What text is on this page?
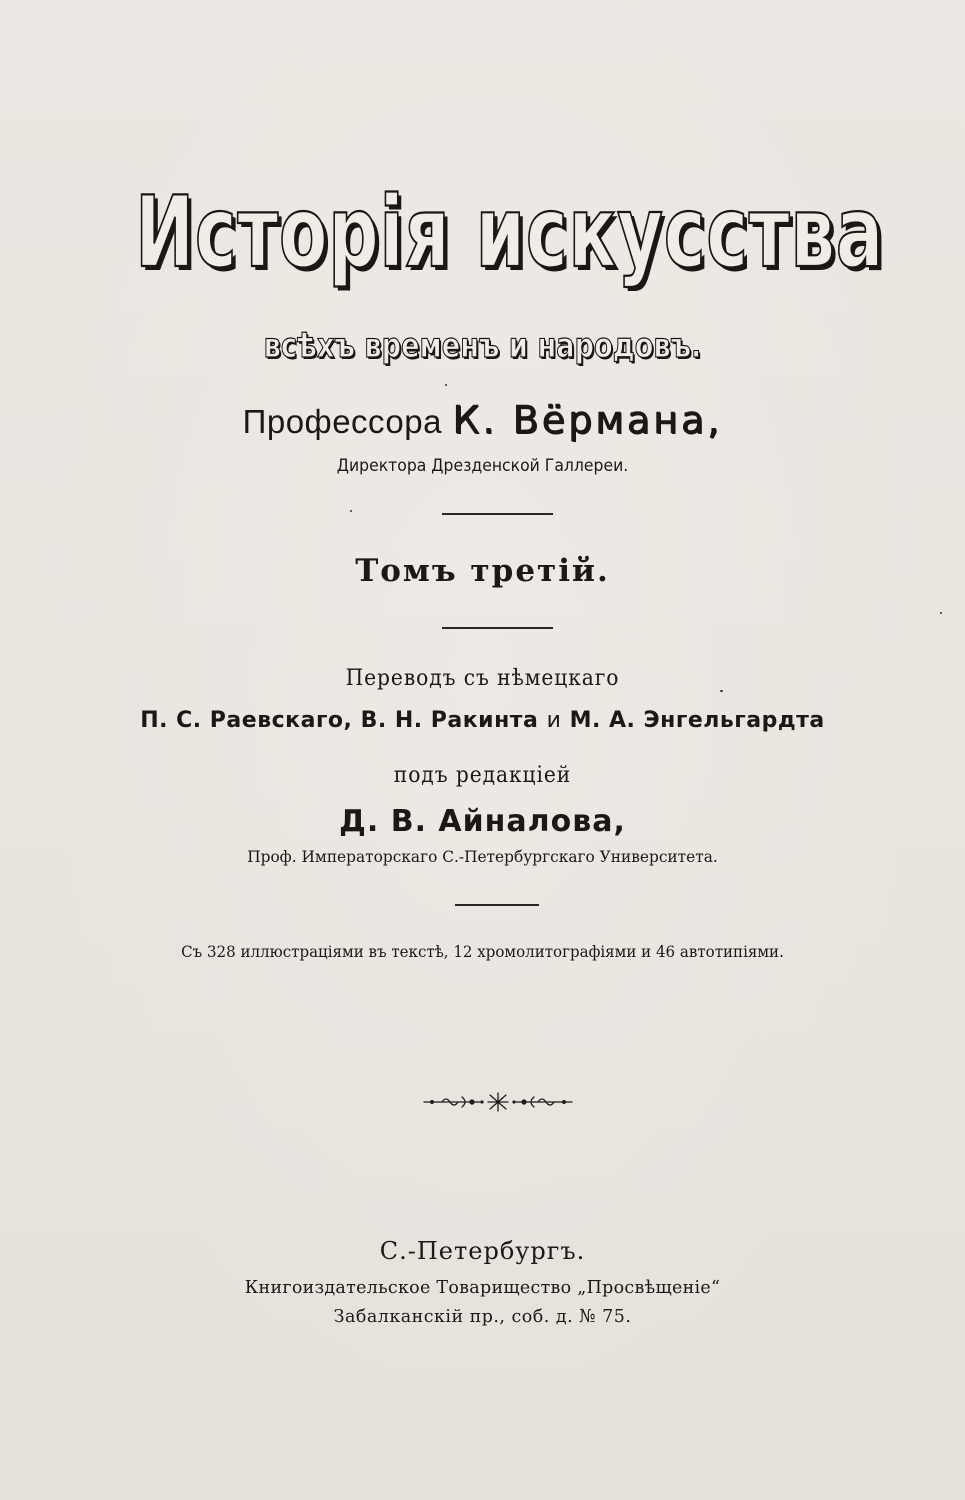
Исторія искусства
всѣхъ временъ и народовъ.
Профессора К. Вёрмана,
Директора Дрезденской Галлереи.
Томъ третій.
Переводъ съ нѣмецкаго
П. С. Раевскаго, В. Н. Ракинта и М. А. Энгельгардта
подъ редакціей
Д. В. Айналова,
Проф. Императорскаго С.-Петербургскаго Университета.
Съ 328 иллюстраціями въ текстѣ, 12 хромолитографіями и 46 автотипіями.
С.-Петербургъ.
Книгоиздательское Товарищество „Просвѣщеніе“
Забалканскій пр., соб. д. № 75.
